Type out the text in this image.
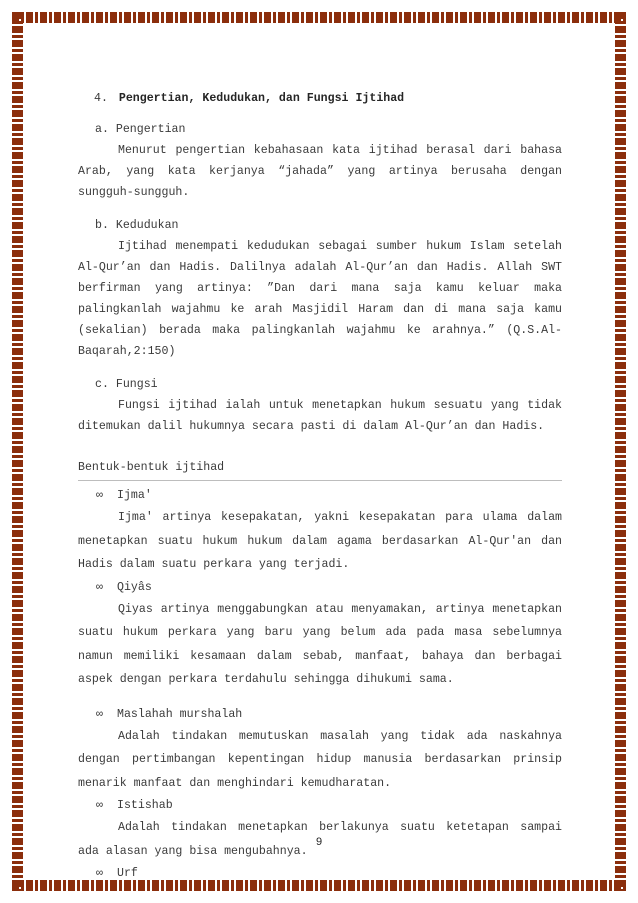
4. Pengertian, Kedudukan, dan Fungsi Ijtihad
a. Pengertian
Menurut pengertian kebahasaan kata ijtihad berasal dari bahasa Arab, yang kata kerjanya “jahada” yang artinya berusaha dengan sungguh-sungguh.
b. Kedudukan
Ijtihad menempati kedudukan sebagai sumber hukum Islam setelah Al-Qur’an dan Hadis. Dalilnya adalah Al-Qur’an dan Hadis. Allah SWT berfirman yang artinya: ”Dan dari mana saja kamu keluar maka palingkanlah wajahmu ke arah Masjidil Haram dan di mana saja kamu (sekalian) berada maka palingkanlah wajahmu ke arahnya.” (Q.S.Al-Baqarah,2:150)
c. Fungsi
Fungsi ijtihad ialah untuk menetapkan hukum sesuatu yang tidak ditemukan dalil hukumnya secara pasti di dalam Al-Qur’an dan Hadis.
Bentuk-bentuk ijtihad
∞ Ijma'
Ijma' artinya kesepakatan, yakni kesepakatan para ulama dalam menetapkan suatu hukum hukum dalam agama berdasarkan Al-Qur'an dan Hadis dalam suatu perkara yang terjadi.
∞ Qiyâs
Qiyas artinya menggabungkan atau menyamakan, artinya menetapkan suatu hukum perkara yang baru yang belum ada pada masa sebelumnya namun memiliki kesamaan dalam sebab, manfaat, bahaya dan berbagai aspek dengan perkara terdahulu sehingga dihukumi sama.
∞ Maslahah murshalah
Adalah tindakan memutuskan masalah yang tidak ada naskahnya dengan pertimbangan kepentingan hidup manusia berdasarkan prinsip menarik manfaat dan menghindari kemudharatan.
∞ Istishab
Adalah tindakan menetapkan berlakunya suatu ketetapan sampai ada alasan yang bisa mengubahnya.
∞ Urf
9
